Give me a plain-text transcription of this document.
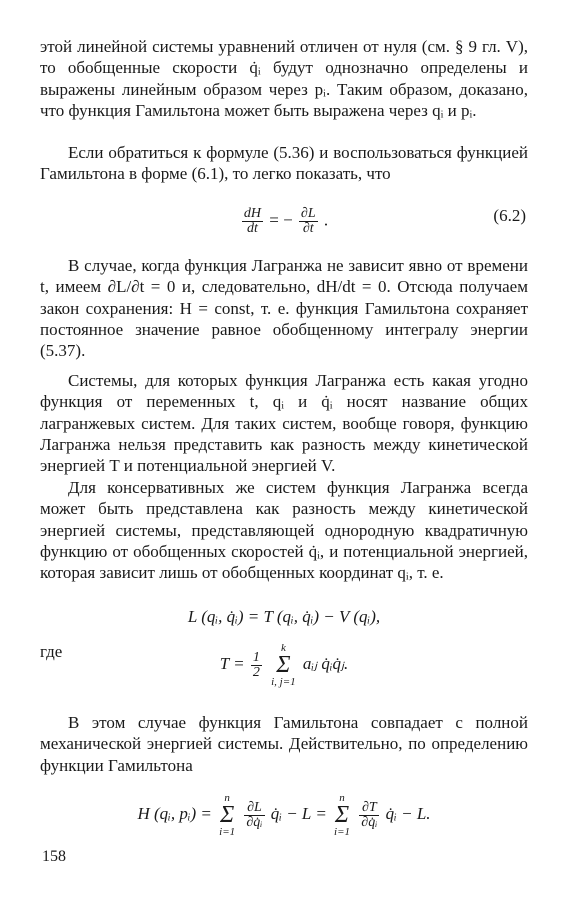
этой линейной системы уравнений отличен от нуля (см. § 9 гл. V), то обобщенные скорости q̇ᵢ будут однозначно определены и выражены линейным образом через pᵢ. Таким образом, доказано, что функция Гамильтона может быть выражена через qᵢ и pᵢ.

Если обратиться к формуле (5.36) и воспользоваться функцией Гамильтона в форме (6.1), то легко показать, что

$\frac{dH}{dt}$ = − $\frac{\partial L}{\partial t}$ .	(6.2)

В случае, когда функция Лагранжа не зависит явно от времени t, имеем ∂L/∂t = 0 и, следовательно, dH/dt = 0. Отсюда получаем закон сохранения: H = const, т. е. функция Гамильтона сохраняет постоянное значение равное обобщенному интегралу энергии (5.37).

Системы, для которых функция Лагранжа есть какая угодно функция от переменных t, qᵢ и q̇ᵢ носят название общих лагранжевых систем. Для таких систем, вообще говоря, функцию Лагранжа нельзя представить как разность между кинетической энергией T и потенциальной энергией V.

Для консервативных же систем функция Лагранжа всегда может быть представлена как разность между кинетической энергией системы, представляющей однородную квадратичную функцию от обобщенных скоростей q̇ᵢ, и потенциальной энергией, которая зависит лишь от обобщенных координат qᵢ, т. е.

L (qᵢ, q̇ᵢ) = T (qᵢ, q̇ᵢ) − V (qᵢ),
где
$T = \frac{1}{2}$

k
Σ
i, j=1
aᵢⱼ q̇ᵢq̇ⱼ.

В этом случае функция Гамильтона совпадает с полной механической энергией системы. Действительно, по определению функции Гамильтона

H (qᵢ, pᵢ) =
n
Σ
i=1

$\frac{\partial L}{\text{∂q̇ᵢ}}$ q̇ᵢ − L =
n
Σ
i=1

$\frac{\partial T}{\text{∂q̇ᵢ}}$ q̇ᵢ − L.
158
